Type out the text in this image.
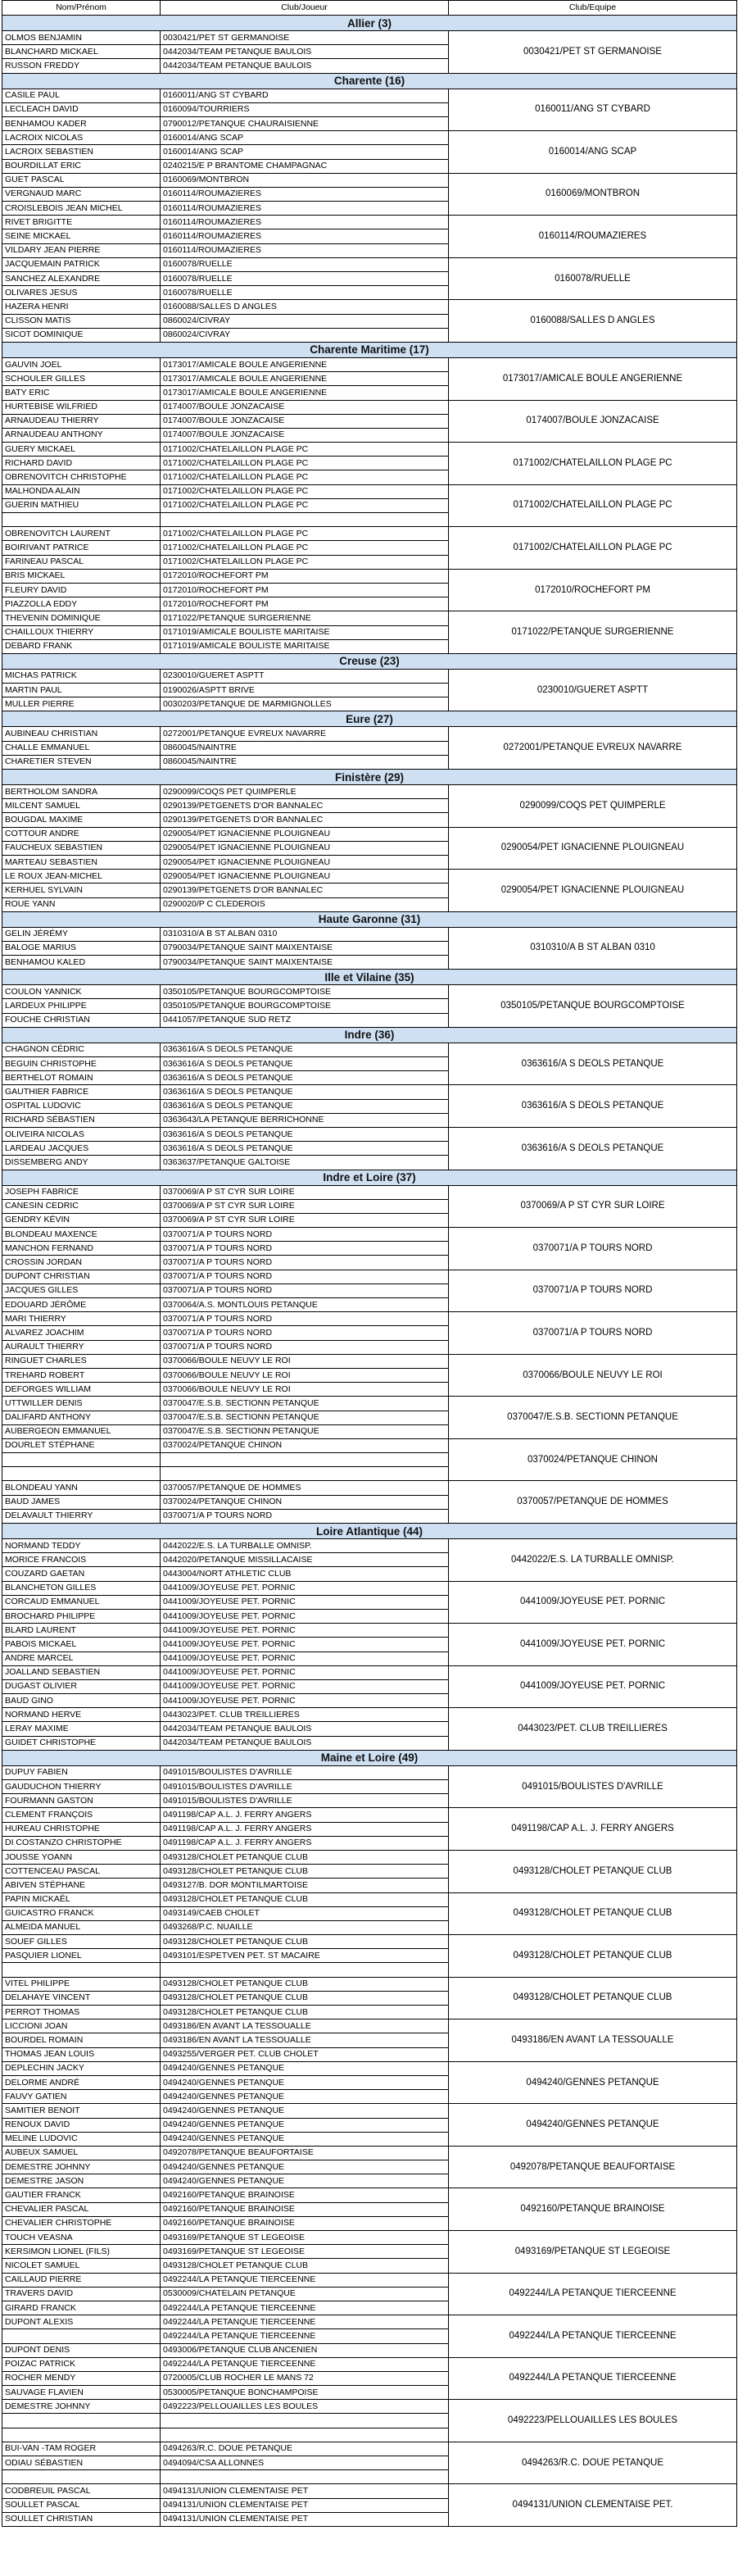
Nom/Prénom	Club/Joueur	Club/Equipe
Allier (3)		
OLMOS BENJAMIN	0030421/PET ST GERMANOISE	0030421/PET ST GERMANOISE
BLANCHARD MICKAEL	0442034/TEAM PETANQUE BAULOIS	
RUSSON FREDDY	0442034/TEAM PETANQUE BAULOIS	
Charente (16)		
CASILE PAUL	0160011/ANG ST CYBARD	0160011/ANG ST CYBARD
LECLEACH DAVID	0160094/TOURRIERS	
BENHAMOU KADER	0790012/PETANQUE CHAURAISIENNE	
LACROIX NICOLAS	0160014/ANG SCAP	0160014/ANG SCAP
LACROIX SEBASTIEN	0160014/ANG SCAP	
BOURDILLAT ERIC	0240215/E P BRANTOME CHAMPAGNAC	
GUET PASCAL	0160069/MONTBRON	0160069/MONTBRON
VERGNAUD MARC	0160114/ROUMAZIERES	
CROISLEBOIS JEAN MICHEL	0160114/ROUMAZIERES	
RIVET BRIGITTE	0160114/ROUMAZIERES	0160114/ROUMAZIERES
SEINE MICKAEL	0160114/ROUMAZIERES	
VILDARY JEAN PIERRE	0160114/ROUMAZIERES	
JACQUEMAIN PATRICK	0160078/RUELLE	0160078/RUELLE
SANCHEZ ALEXANDRE	0160078/RUELLE	
OLIVARES JESUS	0160078/RUELLE	
HAZERA HENRI	0160088/SALLES D ANGLES	0160088/SALLES D ANGLES
CLISSON MATIS	0860024/CIVRAY	
SICOT DOMINIQUE	0860024/CIVRAY	
Charente Maritime (17)		
GAUVIN JOEL	0173017/AMICALE BOULE ANGERIENNE	0173017/AMICALE BOULE ANGERIENNE
SCHOULER GILLES	0173017/AMICALE BOULE ANGERIENNE	
BATY ERIC	0173017/AMICALE BOULE ANGERIENNE	
HURTEBISE WILFRIED	0174007/BOULE JONZACAISE	0174007/BOULE JONZACAISE
ARNAUDEAU THIERRY	0174007/BOULE JONZACAISE	
ARNAUDEAU ANTHONY	0174007/BOULE JONZACAISE	
GUERY MICKAEL	0171002/CHATELAILLON PLAGE PC	0171002/CHATELAILLON PLAGE PC
RICHARD DAVID	0171002/CHATELAILLON PLAGE PC	
OBRENOVITCH CHRISTOPHE	0171002/CHATELAILLON PLAGE PC	
MALHONDA ALAIN	0171002/CHATELAILLON PLAGE PC	0171002/CHATELAILLON PLAGE PC
GUERIN MATHIEU	0171002/CHATELAILLON PLAGE PC	

OBRENOVITCH LAURENT	0171002/CHATELAILLON PLAGE PC	0171002/CHATELAILLON PLAGE PC
BOIRIVANT PATRICE	0171002/CHATELAILLON PLAGE PC	
FARINEAU PASCAL	0171002/CHATELAILLON PLAGE PC	
BRIS MICKAEL	0172010/ROCHEFORT PM	0172010/ROCHEFORT PM
FLEURY DAVID	0172010/ROCHEFORT PM	
PIAZZOLLA EDDY	0172010/ROCHEFORT PM	
THEVENIN DOMINIQUE	0171022/PETANQUE SURGERIENNE	0171022/PETANQUE SURGERIENNE
CHAILLOUX THIERRY	0171019/AMICALE BOULISTE MARITAISE	
DEBARD FRANK	0171019/AMICALE BOULISTE MARITAISE	
Creuse (23)		
MICHAS PATRICK	0230010/GUERET ASPTT	0230010/GUERET ASPTT
MARTIN PAUL	0190026/ASPTT BRIVE	
MULLER PIERRE	0030203/PETANQUE DE MARMIGNOLLES	
Eure (27)		
AUBINEAU CHRISTIAN	0272001/PETANQUE EVREUX NAVARRE	0272001/PETANQUE EVREUX NAVARRE
CHALLE EMMANUEL	0860045/NAINTRE	
CHARETIER STEVEN	0860045/NAINTRE	
Finistère (29)		
BERTHOLOM SANDRA	0290099/COQS PET QUIMPERLE	0290099/COQS PET QUIMPERLE
MILCENT SAMUEL	0290139/PETGENETS D'OR BANNALEC	
BOUGDAL MAXIME	0290139/PETGENETS D'OR BANNALEC	
COTTOUR ANDRE	0290054/PET IGNACIENNE PLOUIGNEAU	0290054/PET IGNACIENNE PLOUIGNEAU
FAUCHEUX SEBASTIEN	0290054/PET IGNACIENNE PLOUIGNEAU	
MARTEAU SEBASTIEN	0290054/PET IGNACIENNE PLOUIGNEAU	
LE ROUX JEAN-MICHEL	0290054/PET IGNACIENNE PLOUIGNEAU	0290054/PET IGNACIENNE PLOUIGNEAU
KERHUEL SYLVAIN	0290139/PETGENETS D'OR BANNALEC	
ROUE YANN	0290020/P C CLEDEROIS	
Haute Garonne (31)		
GELIN JÉRÉMY	0310310/A B ST ALBAN 0310	0310310/A B ST ALBAN 0310
BALOGE MARIUS	0790034/PETANQUE SAINT MAIXENTAISE	
BENHAMOU KALED	0790034/PETANQUE SAINT MAIXENTAISE	
Ille et Vilaine (35)		
COULON YANNICK	0350105/PETANQUE BOURGCOMPTOISE	0350105/PETANQUE BOURGCOMPTOISE
LARDEUX PHILIPPE	0350105/PETANQUE BOURGCOMPTOISE	
FOUCHE CHRISTIAN	0441057/PETANQUE SUD RETZ	
Indre (36)		
CHAGNON CÉDRIC	0363616/A S DEOLS PETANQUE	0363616/A S DEOLS PETANQUE
BEGUIN CHRISTOPHE	0363616/A S DEOLS PETANQUE	
BERTHELOT ROMAIN	0363616/A S DEOLS PETANQUE	
GAUTHIER FABRICE	0363616/A S DEOLS PETANQUE	0363616/A S DEOLS PETANQUE
OSPITAL LUDOVIC	0363616/A S DEOLS PETANQUE	
RICHARD SÉBASTIEN	0363643/LA PETANQUE BERRICHONNE	
OLIVEIRA NICOLAS	0363616/A S DEOLS PETANQUE	0363616/A S DEOLS PETANQUE
LARDEAU JACQUES	0363616/A S DEOLS PETANQUE	
DISSEMBERG ANDY	0363637/PETANQUE GALTOISE	
Indre et Loire (37)		
JOSEPH FABRICE	0370069/A P ST CYR SUR LOIRE	0370069/A P ST CYR SUR LOIRE
CANESIN CEDRIC	0370069/A P ST CYR SUR LOIRE	
GENDRY KÉVIN	0370069/A P ST CYR SUR LOIRE	
BLONDEAU MAXENCE	0370071/A P TOURS NORD	0370071/A P TOURS NORD
MANCHON FERNAND	0370071/A P TOURS NORD	
CROSSIN JORDAN	0370071/A P TOURS NORD	
DUPONT CHRISTIAN	0370071/A P TOURS NORD	0370071/A P TOURS NORD
JACQUES GILLES	0370071/A P TOURS NORD	
EDOUARD JÉRÔME	0370064/A.S. MONTLOUIS PETANQUE	
MARI THIERRY	0370071/A P TOURS NORD	0370071/A P TOURS NORD
ALVAREZ JOACHIM	0370071/A P TOURS NORD	
AURAULT THIERRY	0370071/A P TOURS NORD	
RINGUET CHARLES	0370066/BOULE NEUVY LE ROI	0370066/BOULE NEUVY LE ROI
TREHARD ROBERT	0370066/BOULE NEUVY LE ROI	
DEFORGES WILLIAM	0370066/BOULE NEUVY LE ROI	
UTTWILLER DENIS	0370047/E.S.B. SECTIONN PETANQUE	0370047/E.S.B. SECTIONN PETANQUE
DALIFARD ANTHONY	0370047/E.S.B. SECTIONN PETANQUE	
AUBERGEON EMMANUEL	0370047/E.S.B. SECTIONN PETANQUE	
DOURLET STÉPHANE	0370024/PETANQUE CHINON	0370024/PETANQUE CHINON

BLONDEAU YANN	0370057/PETANQUE DE HOMMES	0370057/PETANQUE DE HOMMES
BAUD JAMES	0370024/PETANQUE CHINON	
DELAVAULT THIERRY	0370071/A P TOURS NORD	
Loire Atlantique (44)		
NORMAND TEDDY	0442022/E.S. LA TURBALLE OMNISP.	0442022/E.S. LA TURBALLE OMNISP.
MORICE FRANCOIS	0442020/PETANQUE MISSILLACAISE	
COUZARD GAETAN	0443004/NORT ATHLETIC CLUB	
BLANCHETON GILLES	0441009/JOYEUSE PET. PORNIC	0441009/JOYEUSE PET. PORNIC
CORCAUD EMMANUEL	0441009/JOYEUSE PET. PORNIC	
BROCHARD PHILIPPE	0441009/JOYEUSE PET. PORNIC	
BLARD LAURENT	0441009/JOYEUSE PET. PORNIC	0441009/JOYEUSE PET. PORNIC
PABOIS MICKAEL	0441009/JOYEUSE PET. PORNIC	
ANDRE MARCEL	0441009/JOYEUSE PET. PORNIC	
JOALLAND SEBASTIEN	0441009/JOYEUSE PET. PORNIC	0441009/JOYEUSE PET. PORNIC
DUGAST OLIVIER	0441009/JOYEUSE PET. PORNIC	
BAUD GINO	0441009/JOYEUSE PET. PORNIC	
NORMAND HERVE	0443023/PET. CLUB TREILLIERES	0443023/PET. CLUB TREILLIERES
LERAY MAXIME	0442034/TEAM PETANQUE BAULOIS	
GUIDET CHRISTOPHE	0442034/TEAM PETANQUE BAULOIS	
Maine et Loire (49)		
DUPUY FABIEN	0491015/BOULISTES D'AVRILLE	0491015/BOULISTES D'AVRILLE
GAUDUCHON THIERRY	0491015/BOULISTES D'AVRILLE	
FOURMANN GASTON	0491015/BOULISTES D'AVRILLE	
CLEMENT FRANÇOIS	0491198/CAP A.L. J. FERRY ANGERS	0491198/CAP A.L. J. FERRY ANGERS
HUREAU CHRISTOPHE	0491198/CAP A.L. J. FERRY ANGERS	
DI COSTANZO CHRISTOPHE	0491198/CAP A.L. J. FERRY ANGERS	
JOUSSE YOANN	0493128/CHOLET PETANQUE CLUB	0493128/CHOLET PETANQUE CLUB
COTTENCEAU PASCAL	0493128/CHOLET PETANQUE CLUB	
ABIVEN STÉPHANE	0493127/B. DOR MONTILMARTOISE	
PAPIN MICKAËL	0493128/CHOLET PETANQUE CLUB	0493128/CHOLET PETANQUE CLUB
GUICASTRO FRANCK	0493149/CAEB CHOLET	
ALMEIDA MANUEL	0493268/P.C. NUAILLE	
SOUEF GILLES	0493128/CHOLET PETANQUE CLUB	0493128/CHOLET PETANQUE CLUB
PASQUIER LIONEL	0493101/ESPETVEN PET. ST MACAIRE	

VITEL PHILIPPE	0493128/CHOLET PETANQUE CLUB	0493128/CHOLET PETANQUE CLUB
DELAHAYE VINCENT	0493128/CHOLET PETANQUE CLUB	
PERROT THOMAS	0493128/CHOLET PETANQUE CLUB	
LICCIONI JOAN	0493186/EN AVANT LA TESSOUALLE	0493186/EN AVANT LA TESSOUALLE
BOURDEL ROMAIN	0493186/EN AVANT LA TESSOUALLE	
THOMAS JEAN LOUIS	0493255/VERGER PET. CLUB CHOLET	
DEPLECHIN JACKY	0494240/GENNES PETANQUE	0494240/GENNES PETANQUE
DELORME ANDRÉ	0494240/GENNES PETANQUE	
FAUVY GATIEN	0494240/GENNES PETANQUE	
SAMITIER BENOIT	0494240/GENNES PETANQUE	0494240/GENNES PETANQUE
RENOUX DAVID	0494240/GENNES PETANQUE	
MELINE LUDOVIC	0494240/GENNES PETANQUE	
AUBEUX SAMUEL	0492078/PETANQUE BEAUFORTAISE	0492078/PETANQUE BEAUFORTAISE
DEMESTRE JOHNNY	0494240/GENNES PETANQUE	
DEMESTRE JASON	0494240/GENNES PETANQUE	
GAUTIER FRANCK	0492160/PETANQUE BRAINOISE	0492160/PETANQUE BRAINOISE
CHEVALIER PASCAL	0492160/PETANQUE BRAINOISE	
CHEVALIER CHRISTOPHE	0492160/PETANQUE BRAINOISE	
TOUCH VEASNA	0493169/PETANQUE ST LEGEOISE	0493169/PETANQUE ST LEGEOISE
KERSIMON LIONEL (FILS)	0493169/PETANQUE ST LEGEOISE	
NICOLET SAMUEL	0493128/CHOLET PETANQUE CLUB	
CAILLAUD PIERRE	0492244/LA PETANQUE TIERCEENNE	0492244/LA PETANQUE TIERCEENNE
TRAVERS DAVID	0530009/CHATELAIN PETANQUE	
GIRARD FRANCK	0492244/LA PETANQUE TIERCEENNE	
DUPONT ALEXIS	0492244/LA PETANQUE TIERCEENNE	0492244/LA PETANQUE TIERCEENNE
	0492244/LA PETANQUE TIERCEENNE	
DUPONT DENIS	0493006/PETANQUE CLUB ANCENIEN	
POIZAC PATRICK	0492244/LA PETANQUE TIERCEENNE	0492244/LA PETANQUE TIERCEENNE
ROCHER MENDY	0720005/CLUB ROCHER LE MANS 72	
SAUVAGE FLAVIEN	0530005/PETANQUE BONCHAMPOISE	
DEMESTRE JOHNNY	0492223/PELLOUAILLES LES BOULES	0492223/PELLOUAILLES LES BOULES

BUI-VAN -TAM ROGER	0494263/R.C. DOUE PETANQUE	0494263/R.C. DOUE PETANQUE
ODIAU SÉBASTIEN	0494094/CSA ALLONNES	

CODBREUIL PASCAL	0494131/UNION CLEMENTAISE PET	0494131/UNION CLEMENTAISE PET.
SOULLET PASCAL	0494131/UNION CLEMENTAISE PET	
SOULLET CHRISTIAN	0494131/UNION CLEMENTAISE PET	
